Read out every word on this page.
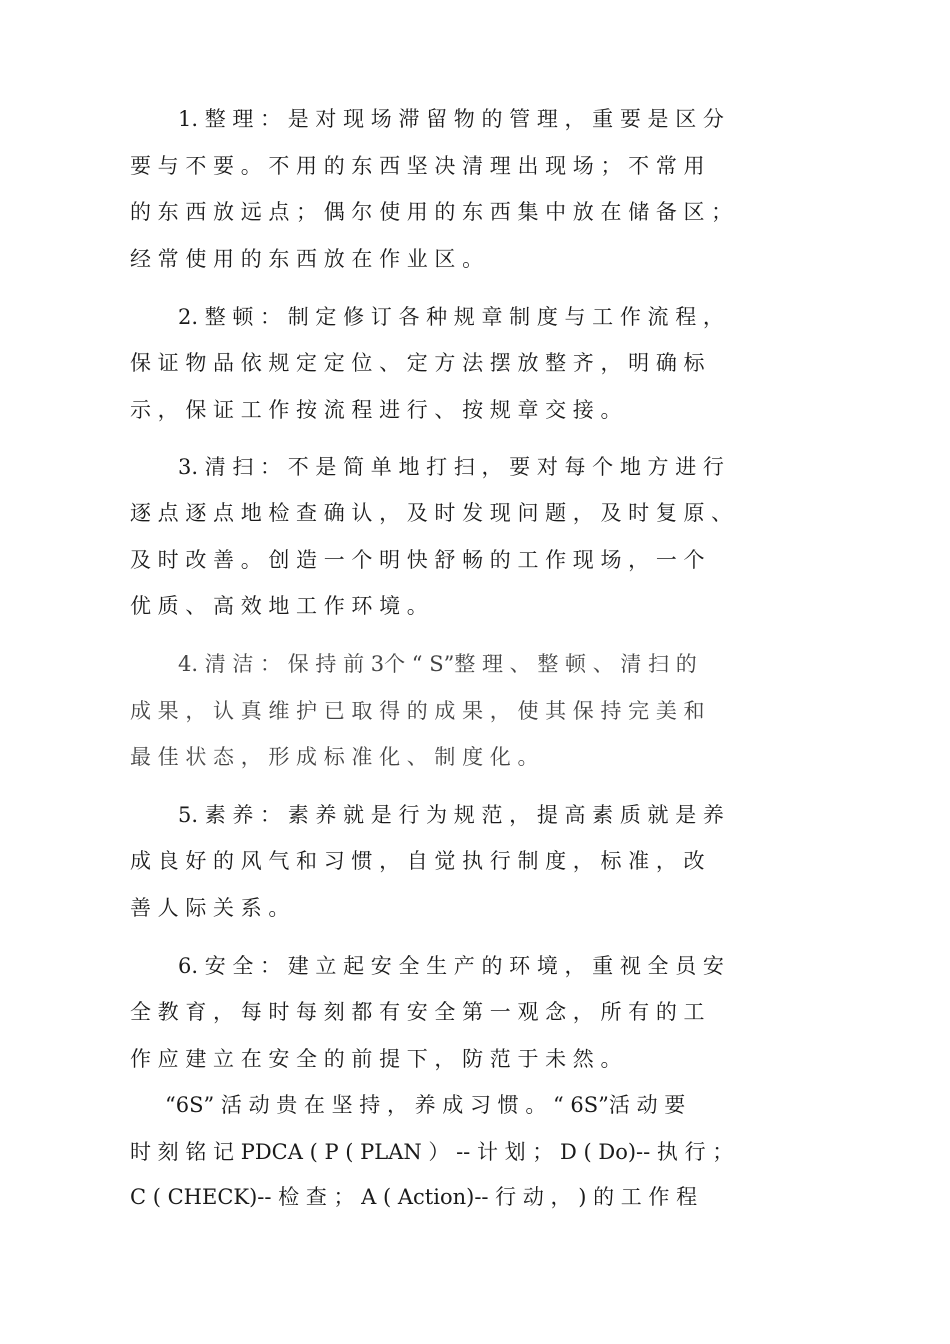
1. 整 理 ： 是 对 现 场 滞 留 物 的 管 理 ， 重 要 是 区 分
要 与 不 要 。 不 用 的 东 西 坚 决 清 理 出 现 场 ； 不 常 用
的 东 西 放 远 点 ； 偶 尔 使 用 的 东 西 集 中 放 在 储 备 区 ；
经 常 使 用 的 东 西 放 在 作 业 区 。
2. 整 顿 ： 制 定 修 订 各 种 规 章 制 度 与 工 作 流 程 ，
保 证 物 品 依 规 定 定 位 、 定 方 法 摆 放 整 齐 ， 明 确 标
示 ， 保 证 工 作 按 流 程 进 行 、 按 规 章 交 接 。
3. 清 扫 ： 不 是 简 单 地 打 扫 ， 要 对 每 个 地 方 进 行
逐 点 逐 点 地 检 查 确 认 ， 及 时 发 现 问 题 ， 及 时 复 原 、
及 时 改 善 。 创 造 一 个 明 快 舒 畅 的 工 作 现 场 ， 一 个
优 质 、 高 效 地 工 作 环 境 。
4. 清 洁 ： 保 持 前 3个 “ S”整 理 、 整 顿 、 清 扫 的
成 果 ， 认 真 维 护 已 取 得 的 成 果 ， 使 其 保 持 完 美 和
最 佳 状 态 ， 形 成 标 准 化 、 制 度 化 。
5. 素 养 ： 素 养 就 是 行 为 规 范 ， 提 高 素 质 就 是 养
成 良 好 的 风 气 和 习 惯 ， 自 觉 执 行 制 度 ， 标 准 ， 改
善 人 际 关 系 。
6. 安 全 ： 建 立 起 安 全 生 产 的 环 境 ， 重 视 全 员 安
全 教 育 ， 每 时 每 刻 都 有 安 全 第 一 观 念 ， 所 有 的 工
作 应 建 立 在 安 全 的 前 提 下 ， 防 范 于 未 然 。
“6S” 活 动 贵 在 坚 持 ， 养 成 习 惯 。 “ 6S”活 动 要
时 刻 铭 记 PDCA ( P ( PLAN ） -- 计 划 ； D ( Do)-- 执 行 ；
C ( CHECK)-- 检 查 ； A ( Action)-- 行 动 ， ) 的 工 作 程
